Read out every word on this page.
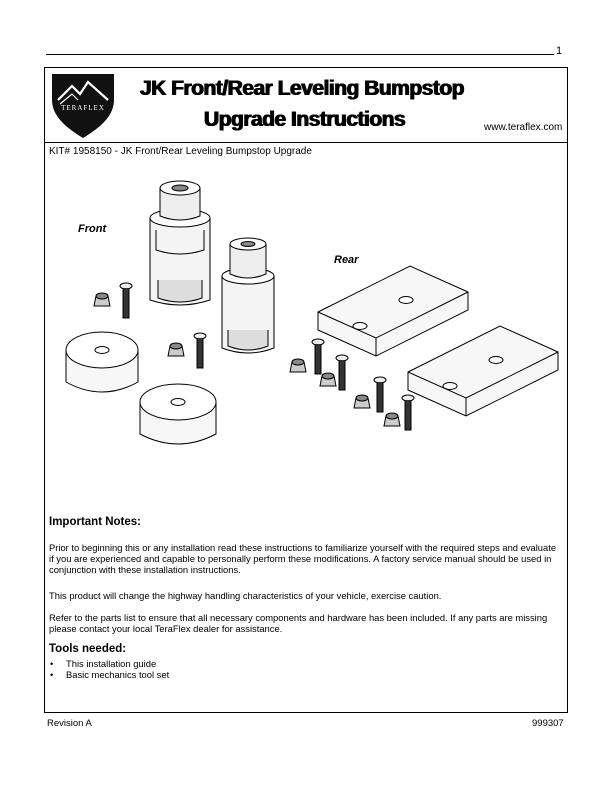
1
TERAFLEX
JK Front/Rear Leveling Bumpstop
Upgrade Instructions	www.teraflex.com
KIT# 1958150 - JK Front/Rear Leveling Bumpstop Upgrade
Front
Rear
Important Notes:
Prior to beginning this or any installation read these instructions to familiarize yourself with the required steps and evaluate if you are experienced and capable to personally perform these modifications. A factory service manual should be used in conjunction with these installation instructions.
This product will change the highway handling characteristics of your vehicle, exercise caution.
Refer to the parts list to ensure that all necessary components and hardware has been included. If any parts are missing please contact your local TeraFlex dealer for assistance.
Tools needed:
• This installation guide
• Basic mechanics tool set
Revision A	999307
